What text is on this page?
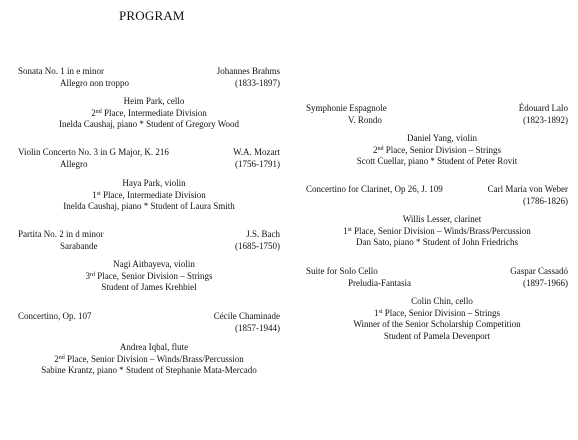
PROGRAM
Sonata No. 1 in e minor	Johannes Brahms
Allegro non troppo	(1833-1897)
Heim Park, cello
2nd Place, Intermediate Division
Inelda Caushaj, piano * Student of Gregory Wood
Violin Concerto No. 3 in G Major, K. 216	W.A. Mozart
Allegro	(1756-1791)
Haya Park, violin
1st Place, Intermediate Division
Inelda Caushaj, piano * Student of Laura Smith
Partita No. 2 in d minor	J.S. Bach
Sarabande	(1685-1750)
Nagi Aitbayeva, violin
3rd Place, Senior Division – Strings
Student of James Krehbiel
Concertino, Op. 107	Cécile Chaminade
(1857-1944)
Andrea Iqbal, flute
2nd Place, Senior Division – Winds/Brass/Percussion
Sabine Krantz, piano * Student of Stephanie Mata-Mercado
Symphonie Espagnole	Édouard Lalo
V. Rondo	(1823-1892)
Daniel Yang, violin
2nd Place, Senior Division – Strings
Scott Cuellar, piano * Student of Peter Rovit
Concertino for Clarinet, Op 26, J. 109	Carl Maria von Weber
(1786-1826)
Willis Lesser, clarinet
1st Place, Senior Division – Winds/Brass/Percussion
Dan Sato, piano * Student of John Friedrichs
Suite for Solo Cello	Gaspar Cassadó
Preludia-Fantasia	(1897-1966)
Colin Chin, cello
1st Place, Senior Division – Strings
Winner of the Senior Scholarship Competition
Student of Pamela Devenport
